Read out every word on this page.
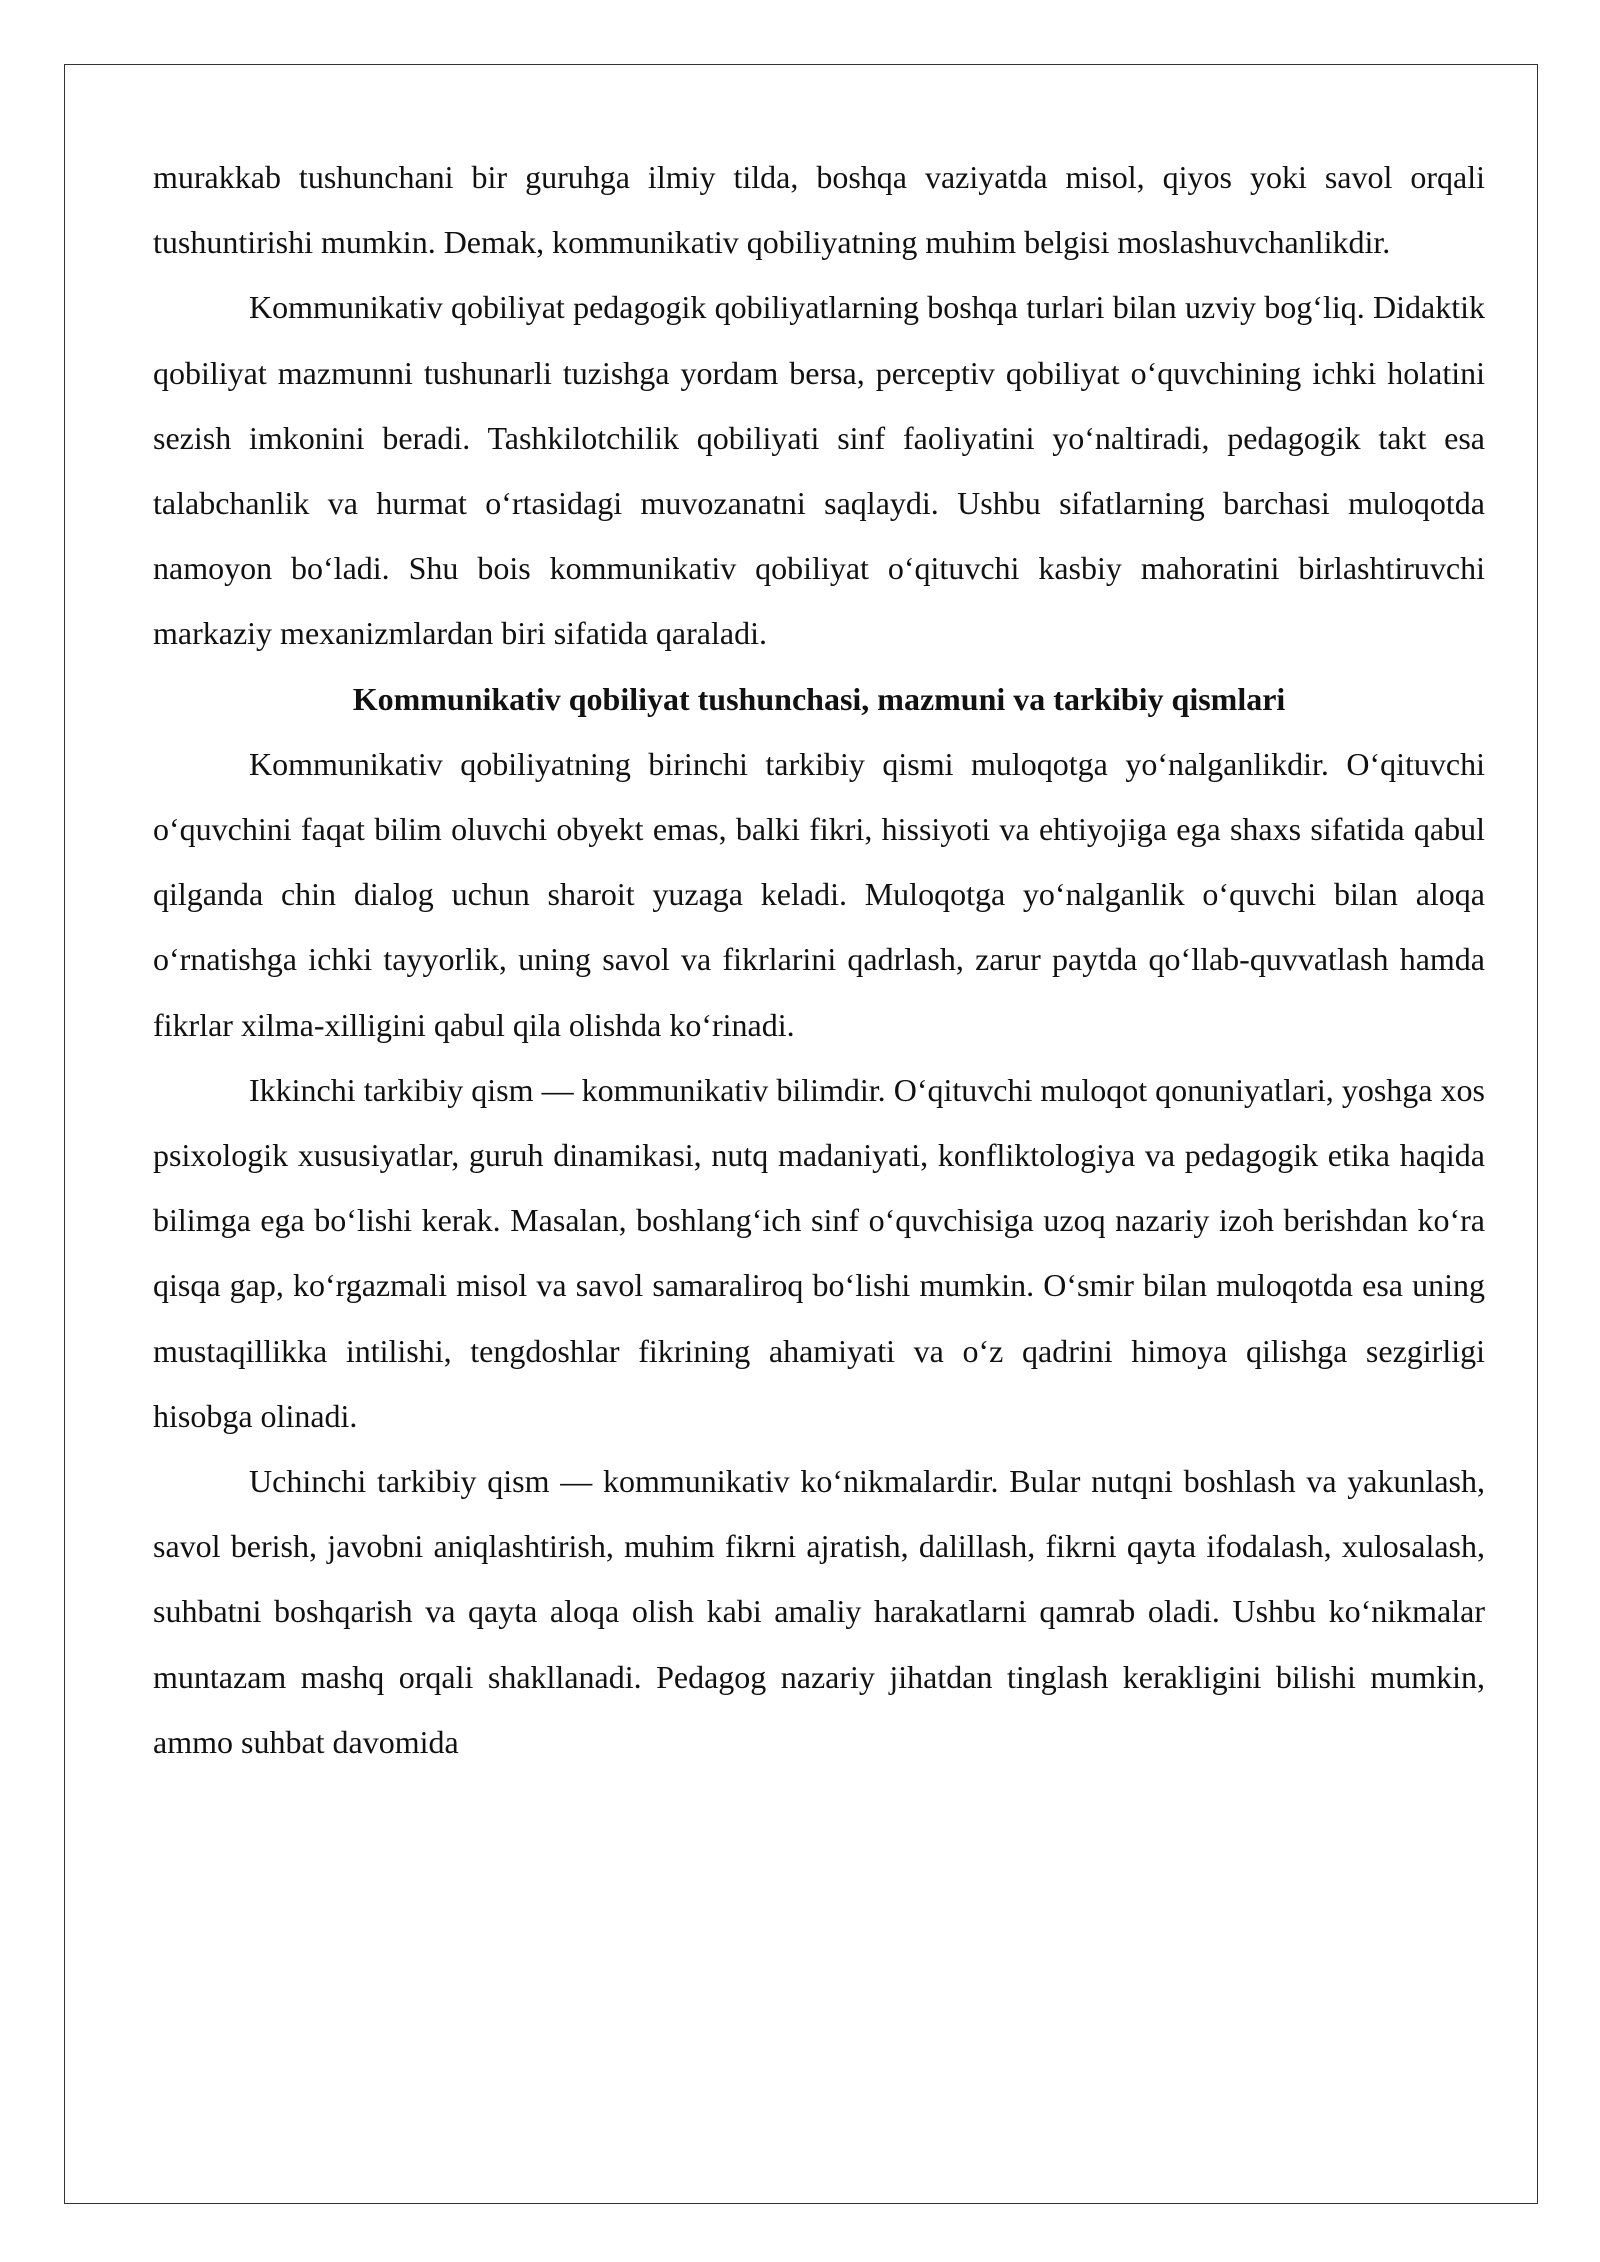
murakkab tushunchani bir guruhga ilmiy tilda, boshqa vaziyatda misol, qiyos yoki savol orqali tushuntirishi mumkin. Demak, kommunikativ qobiliyatning muhim belgisi moslashuvchanlikdir.

Kommunikativ qobiliyat pedagogik qobiliyatlarning boshqa turlari bilan uzviy bog‘liq. Didaktik qobiliyat mazmunni tushunarli tuzishga yordam bersa, perceptiv qobiliyat o‘quvchining ichki holatini sezish imkonini beradi. Tashkilotchilik qobiliyati sinf faoliyatini yo‘naltiradi, pedagogik takt esa talabchanlik va hurmat o‘rtasidagi muvozanatni saqlaydi. Ushbu sifatlarning barchasi muloqotda namoyon bo‘ladi. Shu bois kommunikativ qobiliyat o‘qituvchi kasbiy mahoratini birlashtiruvchi markaziy mexanizmlardan biri sifatida qaraladi.

Kommunikativ qobiliyat tushunchasi, mazmuni va tarkibiy qismlari

Kommunikativ qobiliyatning birinchi tarkibiy qismi muloqotga yo‘nalganlikdir. O‘qituvchi o‘quvchini faqat bilim oluvchi obyekt emas, balki fikri, hissiyoti va ehtiyojiga ega shaxs sifatida qabul qilganda chin dialog uchun sharoit yuzaga keladi. Muloqotga yo‘nalganlik o‘quvchi bilan aloqa o‘rnatishga ichki tayyorlik, uning savol va fikrlarini qadrlash, zarur paytda qo‘llab-quvvatlash hamda fikrlar xilma-xilligini qabul qila olishda ko‘rinadi.

Ikkinchi tarkibiy qism — kommunikativ bilimdir. O‘qituvchi muloqot qonuniyatlari, yoshga xos psixologik xususiyatlar, guruh dinamikasi, nutq madaniyati, konfliktologiya va pedagogik etika haqida bilimga ega bo‘lishi kerak. Masalan, boshlang‘ich sinf o‘quvchisiga uzoq nazariy izoh berishdan ko‘ra qisqa gap, ko‘rgazmali misol va savol samaraliroq bo‘lishi mumkin. O‘smir bilan muloqotda esa uning mustaqillikka intilishi, tengdoshlar fikrining ahamiyati va o‘z qadrini himoya qilishga sezgirligi hisobga olinadi.

Uchinchi tarkibiy qism — kommunikativ ko‘nikmalardir. Bular nutqni boshlash va yakunlash, savol berish, javobni aniqlashtirish, muhim fikrni ajratish, dalillash, fikrni qayta ifodalash, xulosalash, suhbatni boshqarish va qayta aloqa olish kabi amaliy harakatlarni qamrab oladi. Ushbu ko‘nikmalar muntazam mashq orqali shakllanadi. Pedagog nazariy jihatdan tinglash kerakligini bilishi mumkin, ammo suhbat davomida
